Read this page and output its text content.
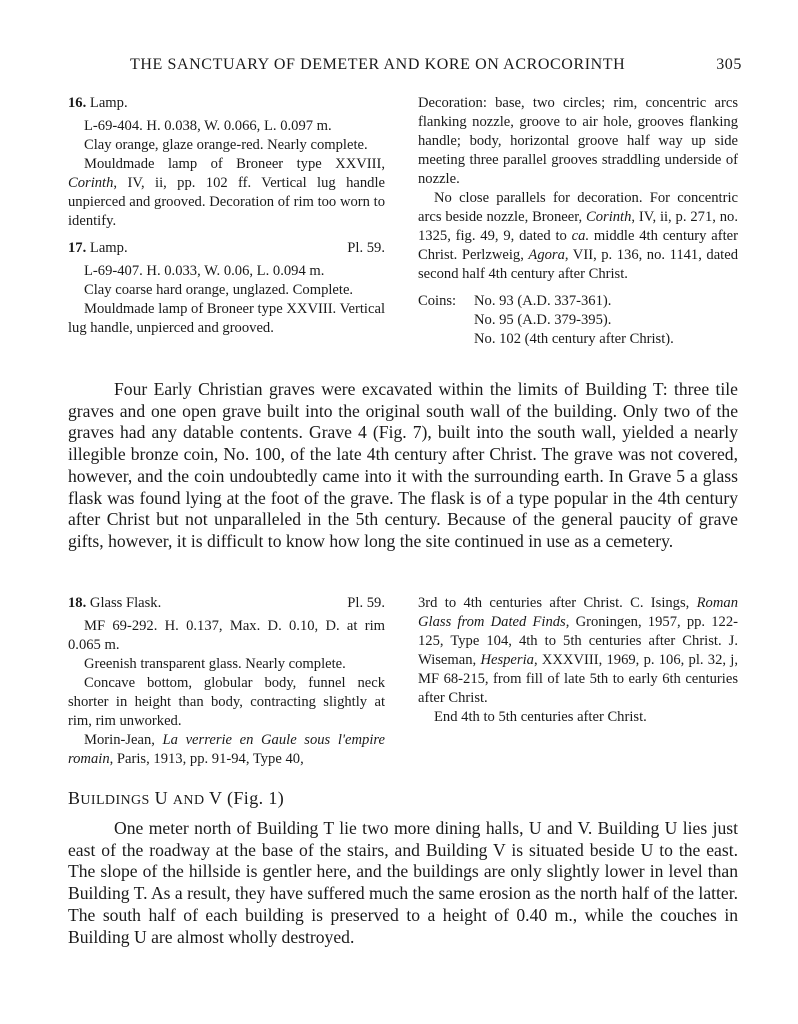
THE SANCTUARY OF DEMETER AND KORE ON ACROCORINTH	305
16. Lamp.

L-69-404. H. 0.038, W. 0.066, L. 0.097 m.

Clay orange, glaze orange-red. Nearly complete.

Mouldmade lamp of Broneer type XXVIII, Corinth, IV, ii, pp. 102 ff. Vertical lug handle unpierced and grooved. Decoration of rim too worn to identify.

17. Lamp.	Pl. 59.

L-69-407. H. 0.033, W. 0.06, L. 0.094 m.

Clay coarse hard orange, unglazed. Complete.

Mouldmade lamp of Broneer type XXVIII. Vertical lug handle, unpierced and grooved.

Decoration: base, two circles; rim, concentric arcs flanking nozzle, groove to air hole, grooves flanking handle; body, horizontal groove half way up side meeting three parallel grooves straddling underside of nozzle.

No close parallels for decoration. For concentric arcs beside nozzle, Broneer, Corinth, IV, ii, p. 271, no. 1325, fig. 49, 9, dated to ca. middle 4th century after Christ. Perlzweig, Agora, VII, p. 136, no. 1141, dated second half 4th century after Christ.

Coins:	No. 93 (A.D. 337-361).
No. 95 (A.D. 379-395).
No. 102 (4th century after Christ).

Four Early Christian graves were excavated within the limits of Building T: three tile graves and one open grave built into the original south wall of the building. Only two of the graves had any datable contents. Grave 4 (Fig. 7), built into the south wall, yielded a nearly illegible bronze coin, No. 100, of the late 4th century after Christ. The grave was not covered, however, and the coin undoubtedly came into it with the surrounding earth. In Grave 5 a glass flask was found lying at the foot of the grave. The flask is of a type popular in the 4th century after Christ but not unparalleled in the 5th century. Because of the general paucity of grave gifts, however, it is difficult to know how long the site continued in use as a cemetery.

18. Glass Flask.	Pl. 59.

MF 69-292. H. 0.137, Max. D. 0.10, D. at rim 0.065 m.

Greenish transparent glass. Nearly complete.

Concave bottom, globular body, funnel neck shorter in height than body, contracting slightly at rim, rim unworked.

Morin-Jean, La verrerie en Gaule sous l'empire romain, Paris, 1913, pp. 91-94, Type 40,

3rd to 4th centuries after Christ. C. Isings, Roman Glass from Dated Finds, Groningen, 1957, pp. 122-125, Type 104, 4th to 5th centuries after Christ. J. Wiseman, Hesperia, XXXVIII, 1969, p. 106, pl. 32, j, MF 68-215, from fill of late 5th to early 6th centuries after Christ.

End 4th to 5th centuries after Christ.

BUILDINGS U AND V (Fig. 1)

One meter north of Building T lie two more dining halls, U and V. Building U lies just east of the roadway at the base of the stairs, and Building V is situated beside U to the east. The slope of the hillside is gentler here, and the buildings are only slightly lower in level than Building T. As a result, they have suffered much the same erosion as the north half of the latter. The south half of each building is preserved to a height of 0.40 m., while the couches in Building U are almost wholly destroyed.
